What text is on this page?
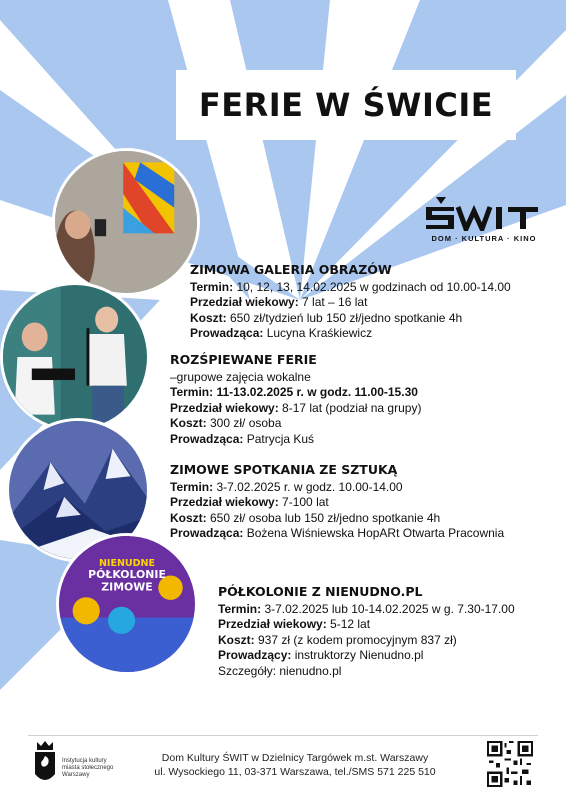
FERIE W ŚWICIE
DOM · KULTURA · KINO
NIENUDNE
PÓŁKOLONIE
ZIMOWE
ZIMOWA GALERIA OBRAZÓW
Termin: 10, 12, 13, 14.02.2025 w godzinach od 10.00-14.00
Przedział wiekowy: 7 lat – 16 lat
Koszt: 650 zł/tydzień lub 150 zł/jedno spotkanie 4h
Prowadząca: Lucyna Kraśkiewicz
ROZŚPIEWANE FERIE
–grupowe zajęcia wokalne
Termin: 11-13.02.2025 r. w godz. 11.00-15.30
Przedział wiekowy: 8-17 lat (podział na grupy)
Koszt: 300 zł/ osoba
Prowadząca: Patrycja Kuś
ZIMOWE SPOTKANIA ZE SZTUKĄ
Termin: 3-7.02.2025 r. w godz. 10.00-14.00
Przedział wiekowy: 7-100 lat
Koszt: 650 zł/ osoba lub 150 zł/jedno spotkanie 4h
Prowadząca: Bożena Wiśniewska HopARt Otwarta Pracownia
PÓŁKOLONIE Z NIENUDNO.PL
Termin: 3-7.02.2025 lub 10-14.02.2025 w g. 7.30-17.00
Przedział wiekowy: 5-12 lat
Koszt: 937 zł (z kodem promocyjnym 837 zł)
Prowadzący: instruktorzy Nienudno.pl
Szczegóły: nienudno.pl
Instytucja kultury
miasta stołecznego
Warszawy
Dom Kultury ŚWIT w Dzielnicy Targówek m.st. Warszawy
ul. Wysockiego 11, 03-371 Warszawa, tel./SMS 571 225 510
